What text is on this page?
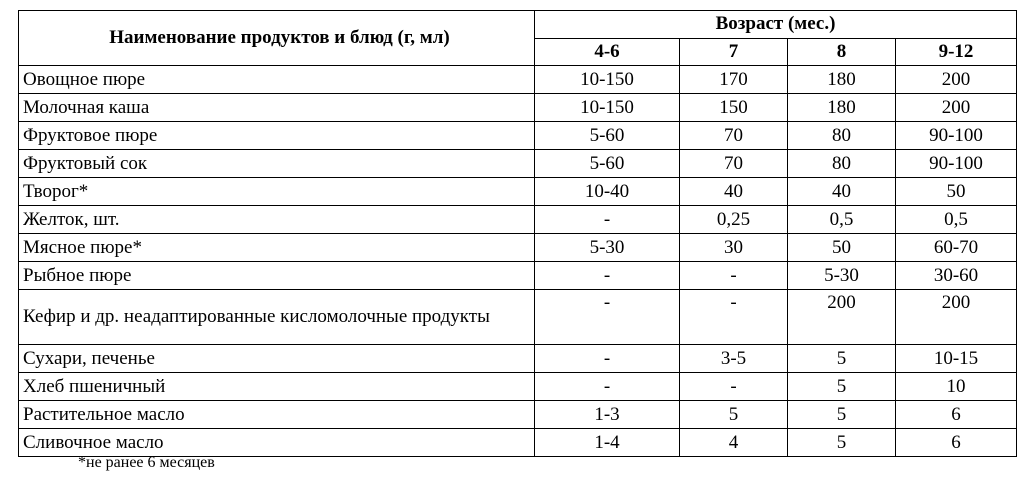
Наименование продуктов и блюд (г, мл)	Возраст (мес.)			
	4-6	7	8	9-12
Овощное пюре	10-150	170	180	200
Молочная каша	10-150	150	180	200
Фруктовое пюре	5-60	70	80	90-100
Фруктовый сок	5-60	70	80	90-100
Творог*	10-40	40	40	50
Желток, шт.	-	0,25	0,5	0,5
Мясное пюре*	5-30	30	50	60-70
Рыбное пюре	-	-	5-30	30-60
Кефир и др. неадаптированные кисломолочные продукты	-	-	200	200
Сухари, печенье	-	3-5	5	10-15
Хлеб пшеничный	-	-	5	10
Растительное масло	1-3	5	5	6
Сливочное масло	1-4	4	5	6
*не ранее 6 месяцев
